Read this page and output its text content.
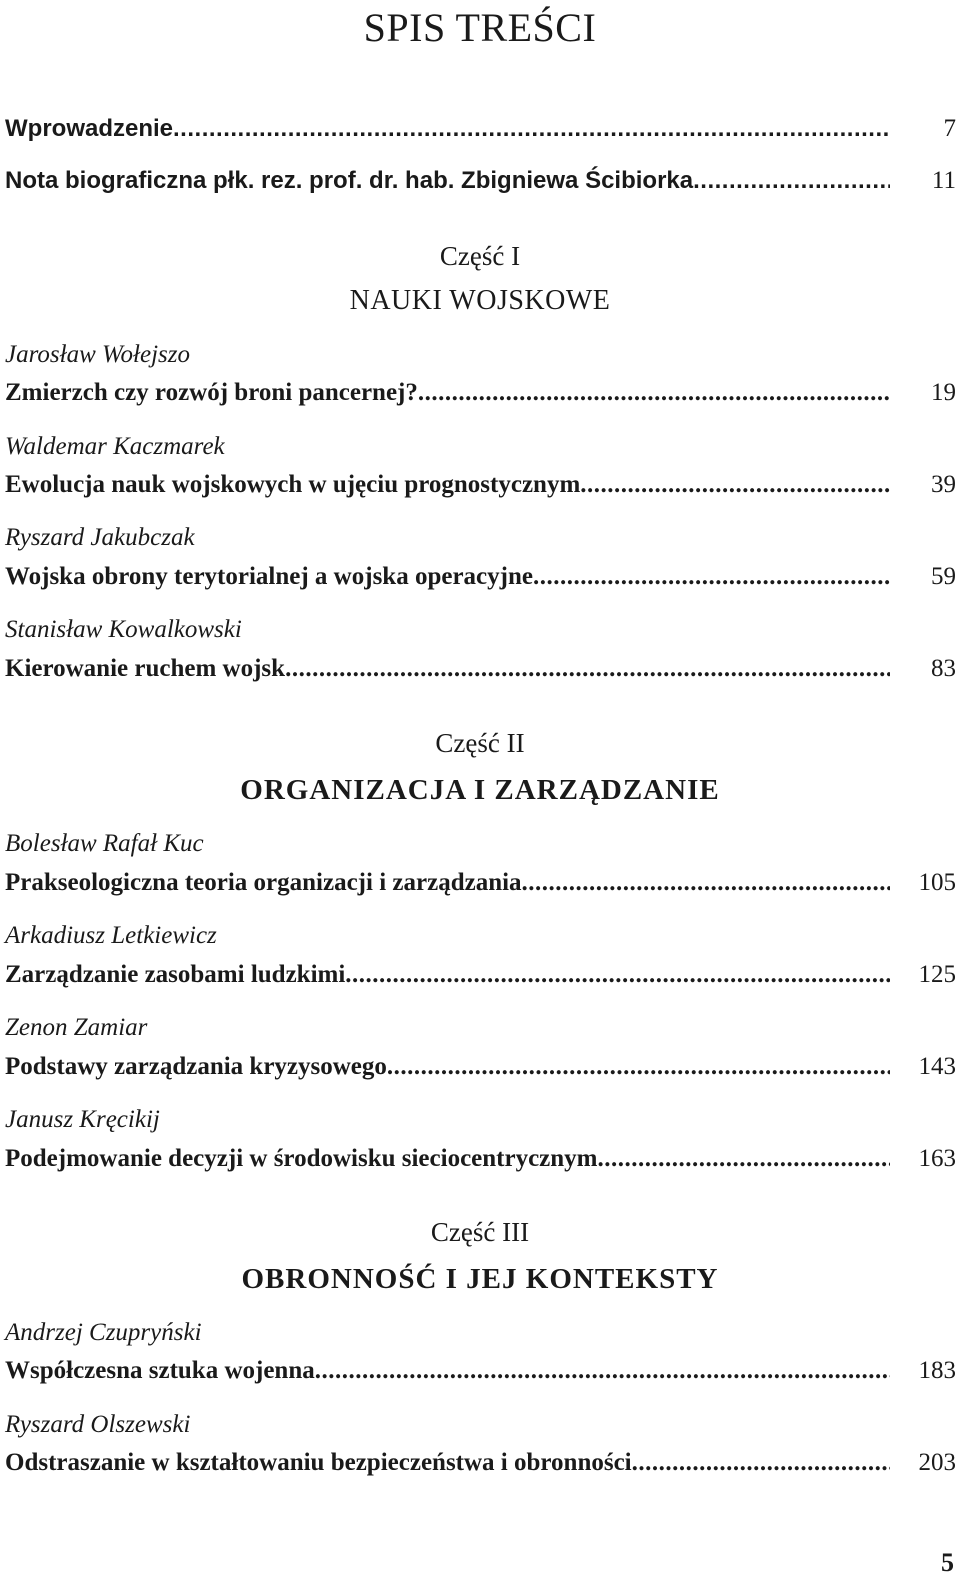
SPIS TREŚCI
Wprowadzenie .....	7
Nota biograficzna płk. rez. prof. dr. hab. Zbigniewa Ścibiorka .....	11
Część I
NAUKI WOJSKOWE
Jarosław Wołejszo
Zmierzch czy rozwój broni pancernej? .....	19
Waldemar Kaczmarek
Ewolucja nauk wojskowych w ujęciu prognostycznym .....	39
Ryszard Jakubczak
Wojska obrony terytorialnej a wojska operacyjne .....	59
Stanisław Kowalkowski
Kierowanie ruchem wojsk .....	83
Część II
ORGANIZACJA I ZARZĄDZANIE
Bolesław Rafał Kuc
Prakseologiczna teoria organizacji i zarządzania .....	105
Arkadiusz Letkiewicz
Zarządzanie zasobami ludzkimi .....	125
Zenon Zamiar
Podstawy zarządzania kryzysowego .....	143
Janusz Kręcikij
Podejmowanie decyzji w środowisku sieciocentrycznym .....	163
Część III
OBRONNOŚĆ I JEJ KONTEKSTY
Andrzej Czupryński
Współczesna sztuka wojenna .....	183
Ryszard Olszewski
Odstraszanie w kształtowaniu bezpieczeństwa i obronności .....	203
5
